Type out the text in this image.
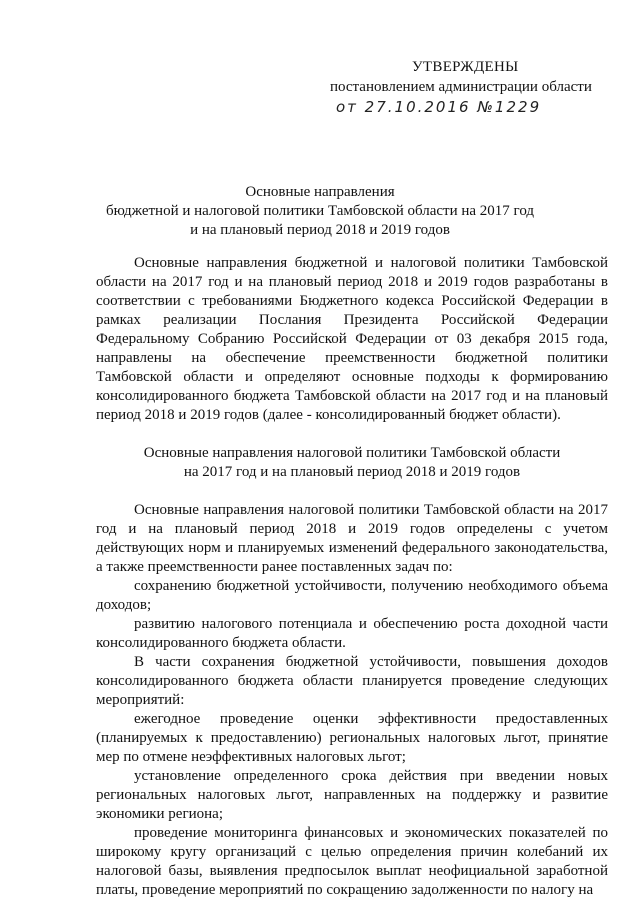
УТВЕРЖДЕНЫ
постановлением администрации области
от 27.10.2016 №1229
Основные направления
бюджетной и налоговой политики Тамбовской области на 2017 год
и на плановый период 2018 и 2019 годов

Основные направления бюджетной и налоговой политики Тамбовской области на 2017 год и на плановый период 2018 и 2019 годов разработаны в соответствии с требованиями Бюджетного кодекса Российской Федерации в рамках реализации Послания Президента Российской Федерации Федеральному Собранию Российской Федерации от 03 декабря 2015 года, направлены на обеспечение преемственности бюджетной политики Тамбовской области и определяют основные подходы к формированию консолидированного бюджета Тамбовской области на 2017 год и на плановый период 2018 и 2019 годов (далее - консолидированный бюджет области).

Основные направления налоговой политики Тамбовской области
на 2017 год и на плановый период 2018 и 2019 годов

Основные направления налоговой политики Тамбовской области на 2017 год и на плановый период 2018 и 2019 годов определены с учетом действующих норм и планируемых изменений федерального законодательства, а также преемственности ранее поставленных задач по:

сохранению бюджетной устойчивости, получению необходимого объема доходов;

развитию налогового потенциала и обеспечению роста доходной части консолидированного бюджета области.

В части сохранения бюджетной устойчивости, повышения доходов консолидированного бюджета области планируется проведение следующих мероприятий:

ежегодное проведение оценки эффективности предоставленных (планируемых к предоставлению) региональных налоговых льгот, принятие мер по отмене неэффективных налоговых льгот;

установление определенного срока действия при введении новых региональных налоговых льгот, направленных на поддержку и развитие экономики региона;

проведение мониторинга финансовых и экономических показателей по широкому кругу организаций с целью определения причин колебаний их налоговой базы, выявления предпосылок выплат неофициальной заработной платы, проведение мероприятий по сокращению задолженности по налогу на
